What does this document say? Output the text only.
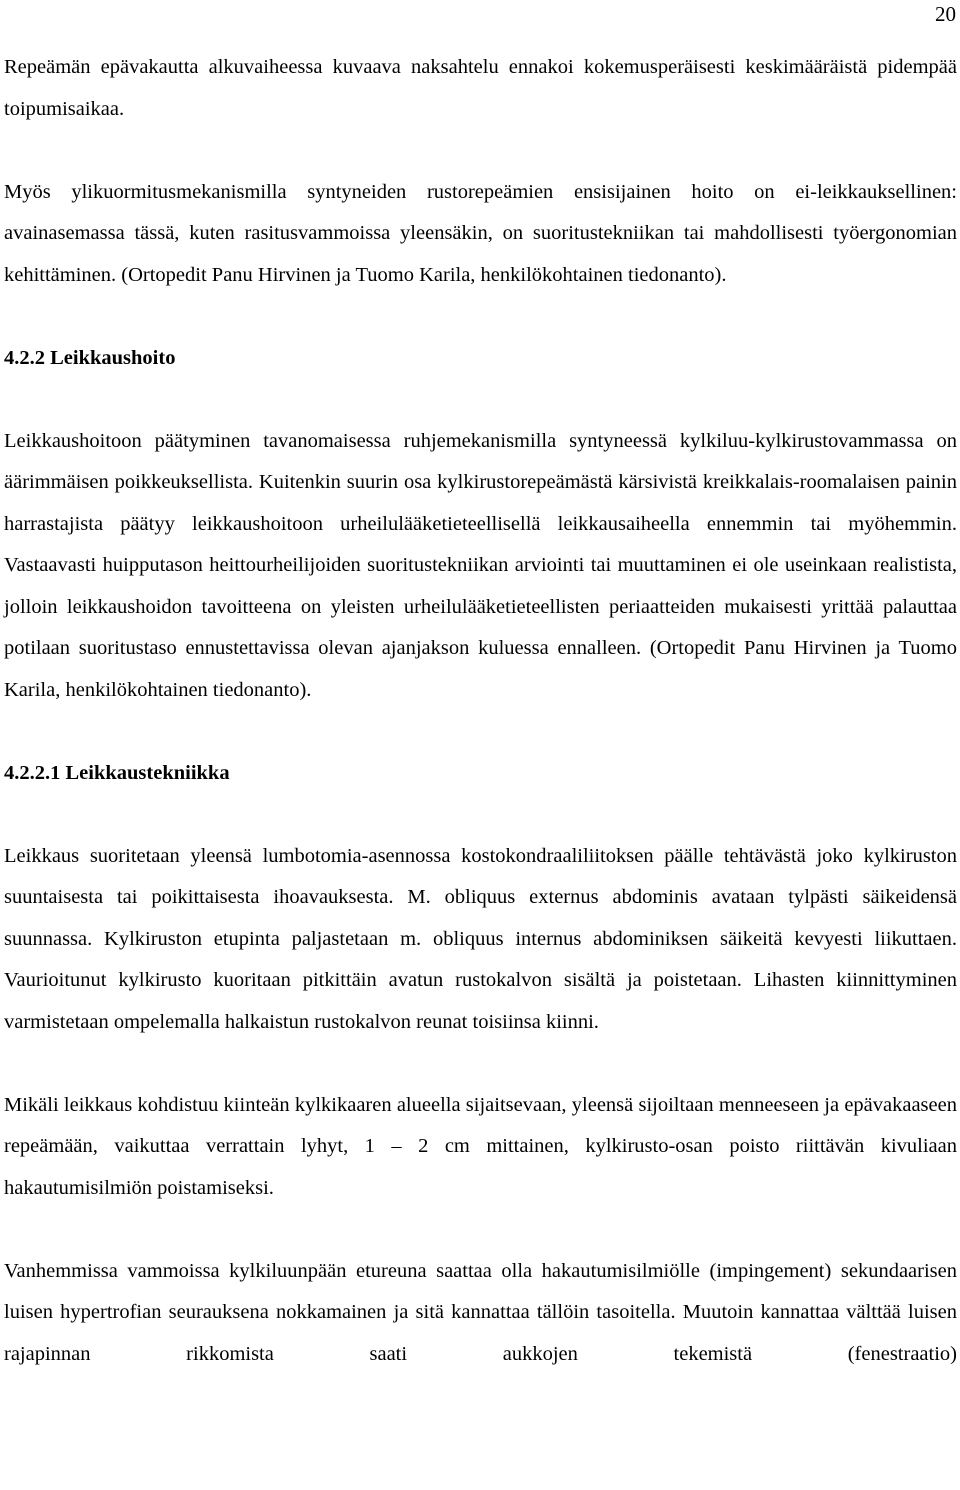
20

Repeämän epävakautta alkuvaiheessa kuvaava naksahtelu ennakoi kokemusperäisesti keskimääräistä pidempää toipumisaikaa.

Myös ylikuormitusmekanismilla syntyneiden rustorepeämien ensisijainen hoito on ei-leikkauksellinen: avainasemassa tässä, kuten rasitusvammoissa yleensäkin, on suoritustekniikan tai mahdollisesti työergonomian kehittäminen. (Ortopedit Panu Hirvinen ja Tuomo Karila, henkilökohtainen tiedonanto).

4.2.2 Leikkaushoito

Leikkaushoitoon päätyminen tavanomaisessa ruhjemekanismilla syntyneessä kylkiluu-kylkirustovammassa on äärimmäisen poikkeuksellista. Kuitenkin suurin osa kylkirustorepeämästä kärsivistä kreikkalais-roomalaisen painin harrastajista päätyy leikkaushoitoon urheilulääketieteellisellä leikkausaiheella ennemmin tai myöhemmin. Vastaavasti huipputason heittourheilijoiden suoritustekniikan arviointi tai muuttaminen ei ole useinkaan realistista, jolloin leikkaushoidon tavoitteena on yleisten urheilulääketieteellisten periaatteiden mukaisesti yrittää palauttaa potilaan suoritustaso ennustettavissa olevan ajanjakson kuluessa ennalleen. (Ortopedit Panu Hirvinen ja Tuomo Karila, henkilökohtainen tiedonanto).

4.2.2.1 Leikkaustekniikka

Leikkaus suoritetaan yleensä lumbotomia-asennossa kostokondraaliliitoksen päälle tehtävästä joko kylkiruston suuntaisesta tai poikittaisesta ihoavauksesta. M. obliquus externus abdominis avataan tylpästi säikeidensä suunnassa. Kylkiruston etupinta paljastetaan m. obliquus internus abdominiksen säikeitä kevyesti liikuttaen. Vaurioitunut kylkirusto kuoritaan pitkittäin avatun rustokalvon sisältä ja poistetaan. Lihasten kiinnittyminen varmistetaan ompelemalla halkaistun rustokalvon reunat toisiinsa kiinni.

Mikäli leikkaus kohdistuu kiinteän kylkikaaren alueella sijaitsevaan, yleensä sijoiltaan menneeseen ja epävakaaseen repeämään, vaikuttaa verrattain lyhyt, 1 – 2 cm mittainen, kylkirusto-osan poisto riittävän kivuliaan hakautumisilmiön poistamiseksi.

Vanhemmissa vammoissa kylkiluunpään etureuna saattaa olla hakautumisilmiölle (impingement) sekundaarisen luisen hypertrofian seurauksena nokkamainen ja sitä kannattaa tällöin tasoitella. Muutoin kannattaa välttää luisen rajapinnan rikkomista saati aukkojen tekemistä (fenestraatio)
